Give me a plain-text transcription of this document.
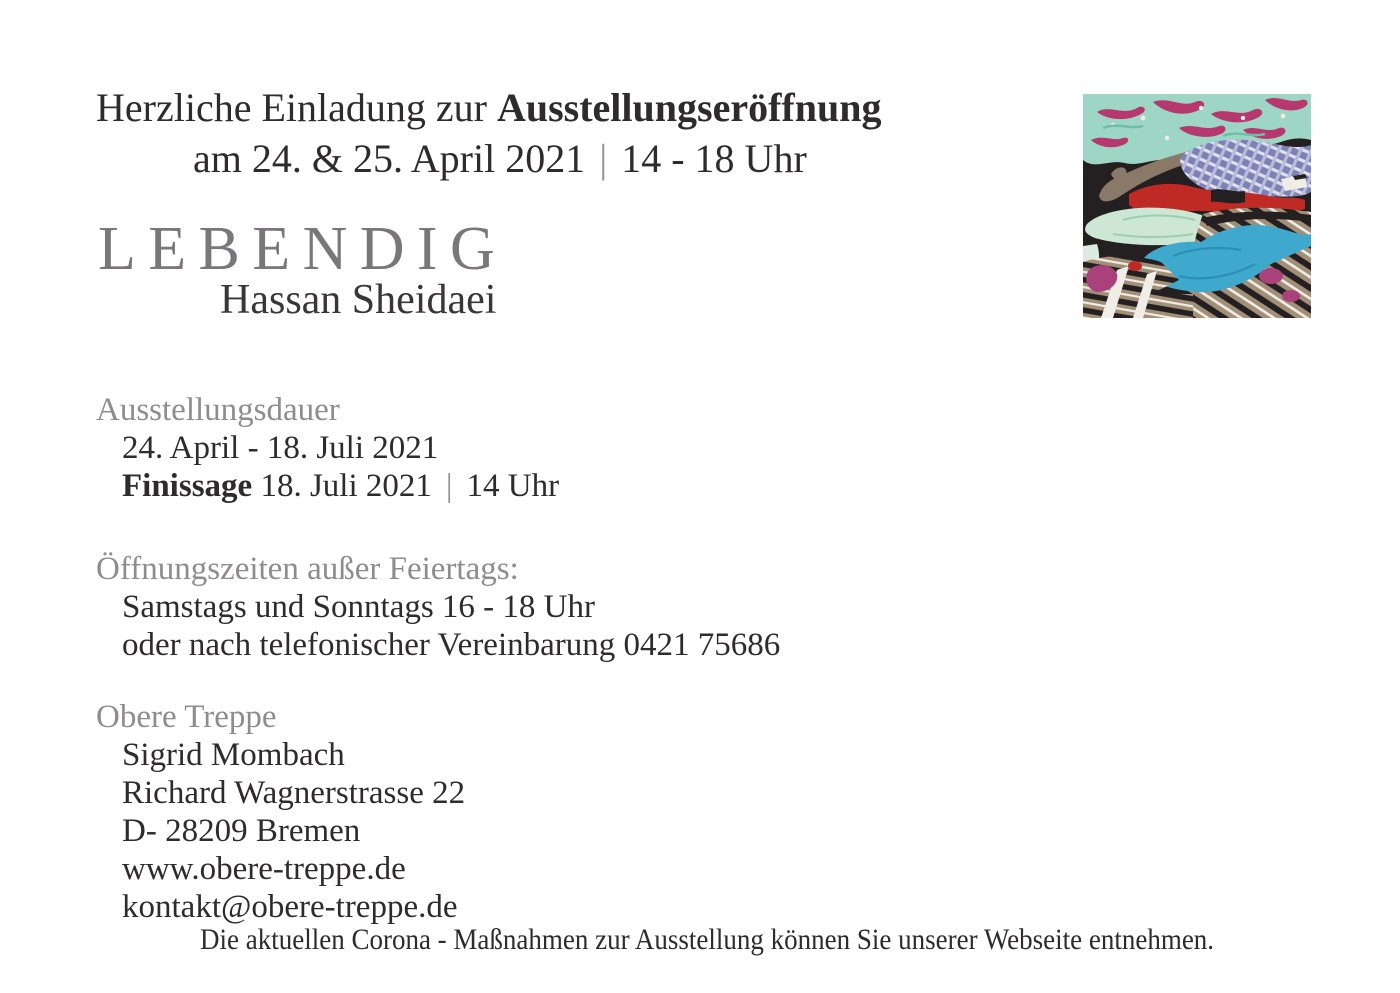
Herzliche Einladung zur Ausstellungseröffnung
am 24. & 25. April 2021 | 14 - 18 Uhr
LEBENDIG
Hassan Sheidaei
Ausstellungsdauer
24. April - 18. Juli 2021
Finissage 18. Juli 2021 | 14 Uhr
Öffnungszeiten außer Feiertags:
Samstags und Sonntags 16 - 18 Uhr
oder nach telefonischer Vereinbarung 0421 75686
Obere Treppe
Sigrid Mombach
Richard Wagnerstrasse 22
D- 28209 Bremen
www.obere-treppe.de
kontakt@obere-treppe.de
Die aktuellen Corona - Maßnahmen zur Ausstellung können Sie unserer Webseite entnehmen.
